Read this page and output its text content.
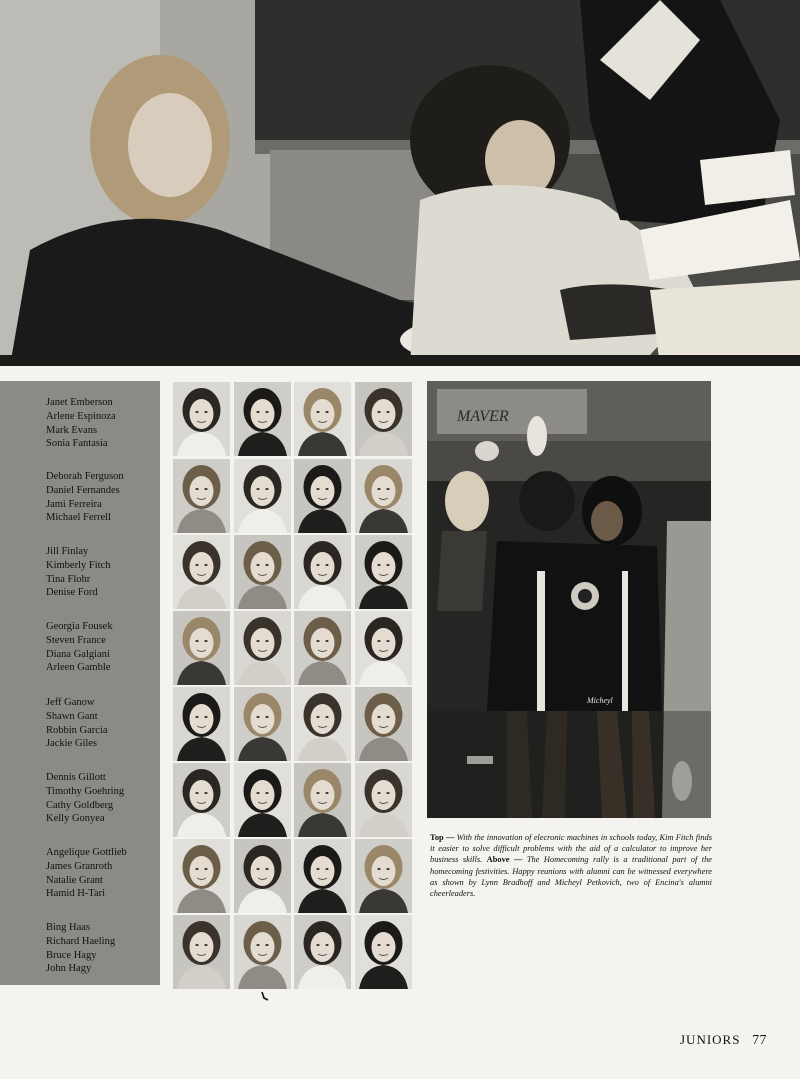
Janet Emberson
Arlene Espinoza
Mark Evans
Sonia Fantasia
Deborah Ferguson
Daniel Fernandes
Jami Ferreira
Michael Ferrell
Jill Finlay
Kimberly Fitch
Tina Flohr
Denise Ford
Georgia Fousek
Steven France
Diana Galgiani
Arleen Gamble
Jeff Ganow
Shawn Gant
Robbin Garcia
Jackie Giles
Dennis Gillott
Timothy Goehring
Cathy Goldberg
Kelly Gonyea
Angelique Gottlieb
James Granroth
Natalie Grant
Hamid H-Tari
Bing Haas
Richard Haeling
Bruce Hagy
John Hagy
MAVER
Micheyl
Top — With the innovation of elecronic machines in schools today, Kim Fitch finds it easier to solve difficult problems with the aid of a calculator to improve her business skills. Above — The Homecoming rally is a traditional part of the homecoming festivities. Happy reunions with alumni can be witnessed everywhere as shown by Lynn Bradhoff and Micheyl Petkovich, two of Encina's alumni cheerleaders.
JUNIORS 77
